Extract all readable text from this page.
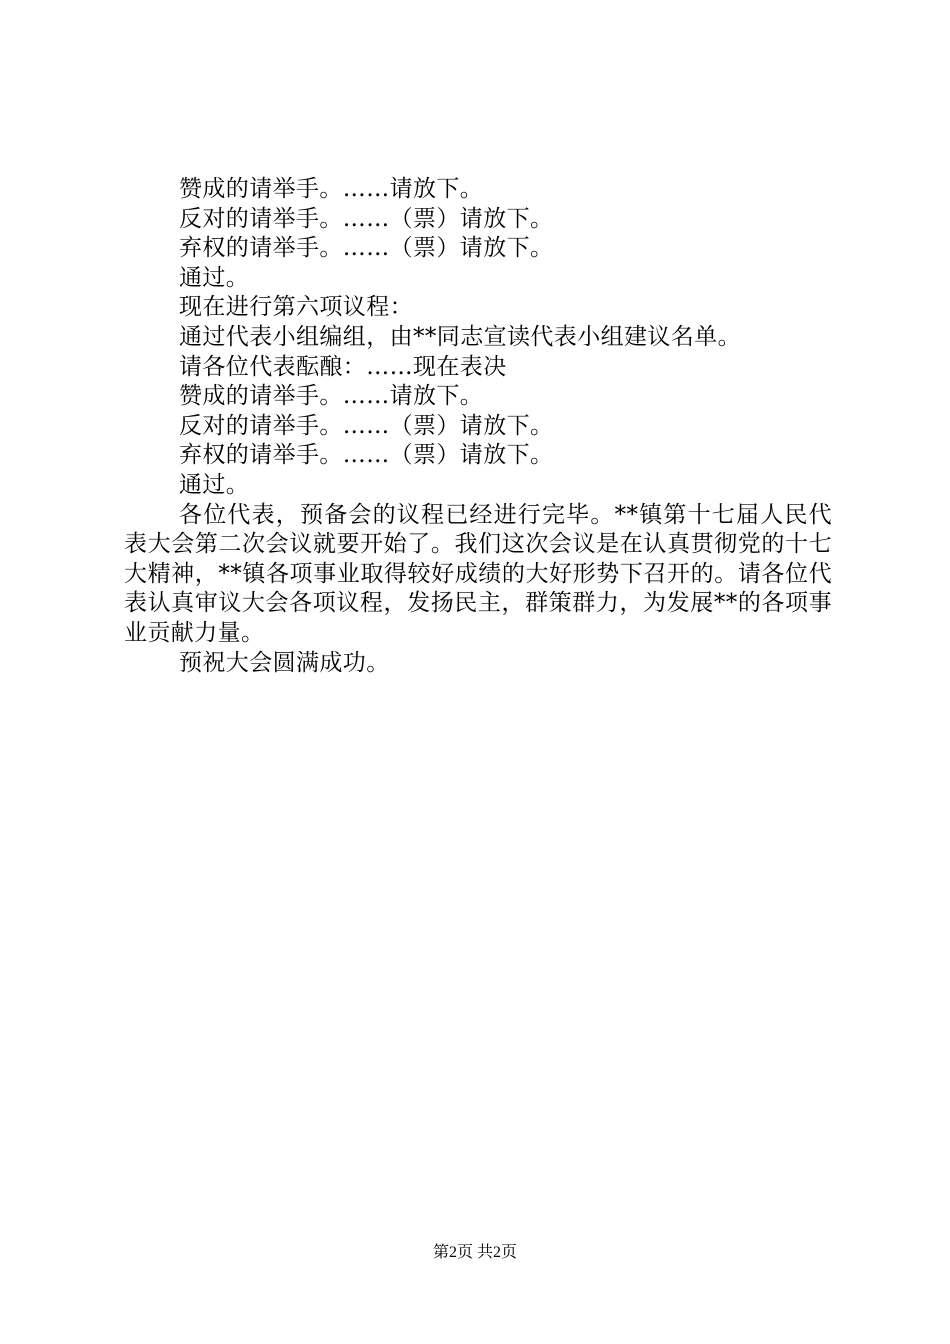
赞成的请举手。……请放下。

反对的请举手。……（票）请放下。

弃权的请举手。……（票）请放下。

通过。

现在进行第六项议程：

通过代表小组编组，由**同志宣读代表小组建议名单。

请各位代表酝酿：……现在表决

赞成的请举手。……请放下。

反对的请举手。……（票）请放下。

弃权的请举手。……（票）请放下。

通过。

各位代表，预备会的议程已经进行完毕。**镇第十七届人民代表大会第二次会议就要开始了。我们这次会议是在认真贯彻党的十七大精神，**镇各项事业取得较好成绩的大好形势下召开的。请各位代表认真审议大会各项议程，发扬民主，群策群力，为发展**的各项事业贡献力量。

预祝大会圆满成功。

第2页 共2页
